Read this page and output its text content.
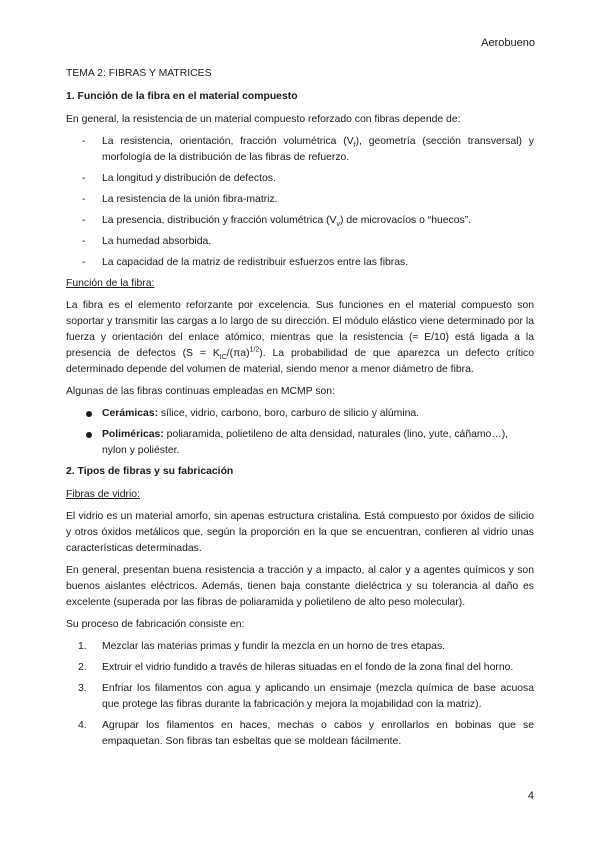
Aerobueno

TEMA 2: FIBRAS Y MATRICES

1. Función de la fibra en el material compuesto

En general, la resistencia de un material compuesto reforzado con fibras depende de:

- La resistencia, orientación, fracción volumétrica $(V_f)$, geometría (sección transversal) y morfología de la distribución de las fibras de refuerzo.
- La longitud y distribución de defectos.
- La resistencia de la unión fibra-matriz.
- La presencia, distribución y fracción volumétrica $(V_v)$ de microvacíos o “huecos”.
- La humedad absorbida.
- La capacidad de la matriz de redistribuir esfuerzos entre las fibras.

Función de la fibra:

La fibra es el elemento reforzante por excelencia. Sus funciones en el material compuesto son soportar y transmitir las cargas a lo largo de su dirección. El módulo elástico viene determinado por la fuerza y orientación del enlace atómico, mientras que la resistencia (≈ E/10) está ligada a la presencia de defectos $(S = K_{IC}/(\pi a)^{1/2})$. La probabilidad de que aparezca un defecto crítico determinado depende del volumen de material, siendo menor a menor diámetro de fibra.

Algunas de las fibras continuas empleadas en MCMP son:

Cerámicas: sílice, vidrio, carbono, boro, carburo de silicio y alúmina.
Poliméricas: poliaramida, polietileno de alta densidad, naturales (lino, yute, cáñamo…), nylon y poliéster.

2. Tipos de fibras y su fabricación

Fibras de vidrio:

El vidrio es un material amorfo, sin apenas estructura cristalina. Está compuesto por óxidos de silicio y otros óxidos metálicos que, según la proporción en la que se encuentran, confieren al vidrio unas características determinadas.

En general, presentan buena resistencia a tracción y a impacto, al calor y a agentes químicos y son buenos aislantes eléctricos. Además, tienen baja constante dieléctrica y su tolerancia al daño es excelente (superada por las fibras de poliaramida y polietileno de alto peso molecular).

Su proceso de fabricación consiste en:

1. Mezclar las materias primas y fundir la mezcla en un horno de tres etapas.
2. Extruir el vidrio fundido a través de hileras situadas en el fondo de la zona final del horno.
3. Enfriar los filamentos con agua y aplicando un ensimaje (mezcla química de base acuosa que protege las fibras durante la fabricación y mejora la mojabilidad con la matriz).
4. Agrupar los filamentos en haces, mechas o cabos y enrollarlos en bobinas que se empaquetan. Son fibras tan esbeltas que se moldean fácilmente.
4
